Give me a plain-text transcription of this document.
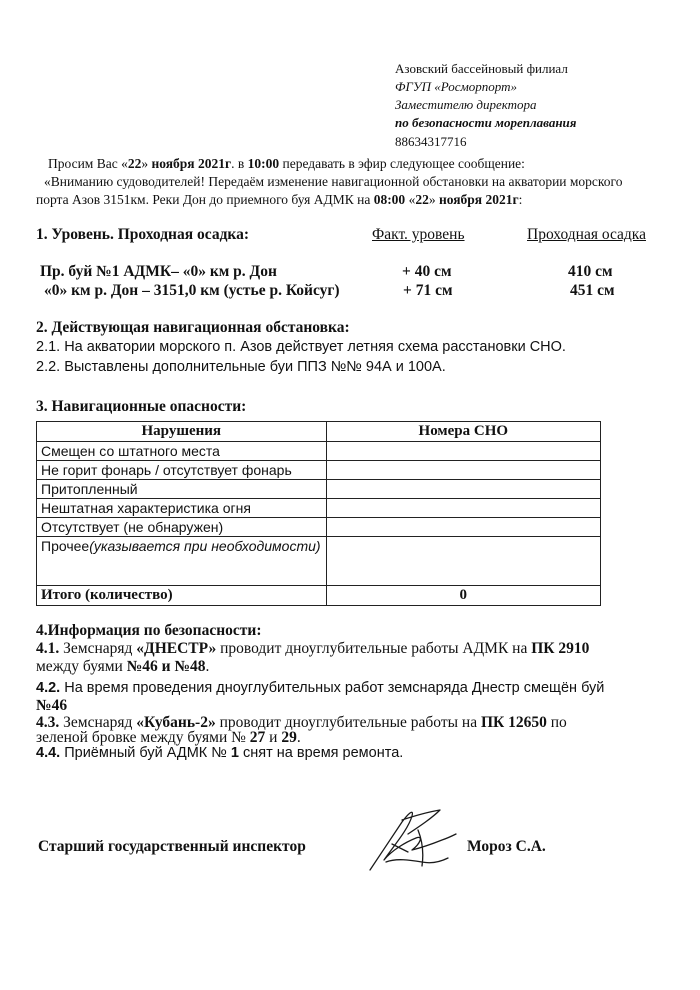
Азовский бассейновый филиал
ФГУП «Росморпорт»
Заместителю директора
по безопасности мореплавания
88634317716
Просим Вас «22» ноября 2021г. в 10:00 передавать в эфир следующее сообщение:
«Вниманию судоводителей! Передаём изменение навигационной обстановки на акватории морского
порта Азов 3151км. Реки Дон до приемного буя АДМК на 08:00 «22» ноября 2021г:
1. Уровень. Проходная осадка:	Факт. уровень	Проходная осадка
Пр. буй №1 АДМК– «0» км р. Дон	+ 40 см	410 см
«0» км р. Дон – 3151,0 км (устье р. Койсуг)	+ 71 см	451 см
2. Действующая навигационная обстановка:
2.1. На акватории морского п. Азов действует летняя схема расстановки СНО.
2.2. Выставлены дополнительные буи ППЗ №№ 94А и 100А.
3. Навигационные опасности:
Нарушения	Номера СНО
Смещен со штатного места	
Не горит фонарь / отсутствует фонарь	
Притопленный	
Нештатная характеристика огня	
Отсутствует (не обнаружен)	
Прочее(указывается при необходимости)	
Итого (количество)	0
4.Информация по безопасности:
4.1. Земснаряд «ДНЕСТР» проводит дноуглубительные работы АДМК на ПК 2910
между буями №46 и №48.
4.2. На время проведения дноуглубительных работ земснаряда Днестр смещён буй
№46
4.3. Земснаряд «Кубань-2» проводит дноуглубительные работы на ПК 12650 по
зеленой бровке между буями № 27 и 29.
4.4. Приёмный буй АДМК № 1 снят на время ремонта.
Старший государственный инспектор	Мороз С.А.
